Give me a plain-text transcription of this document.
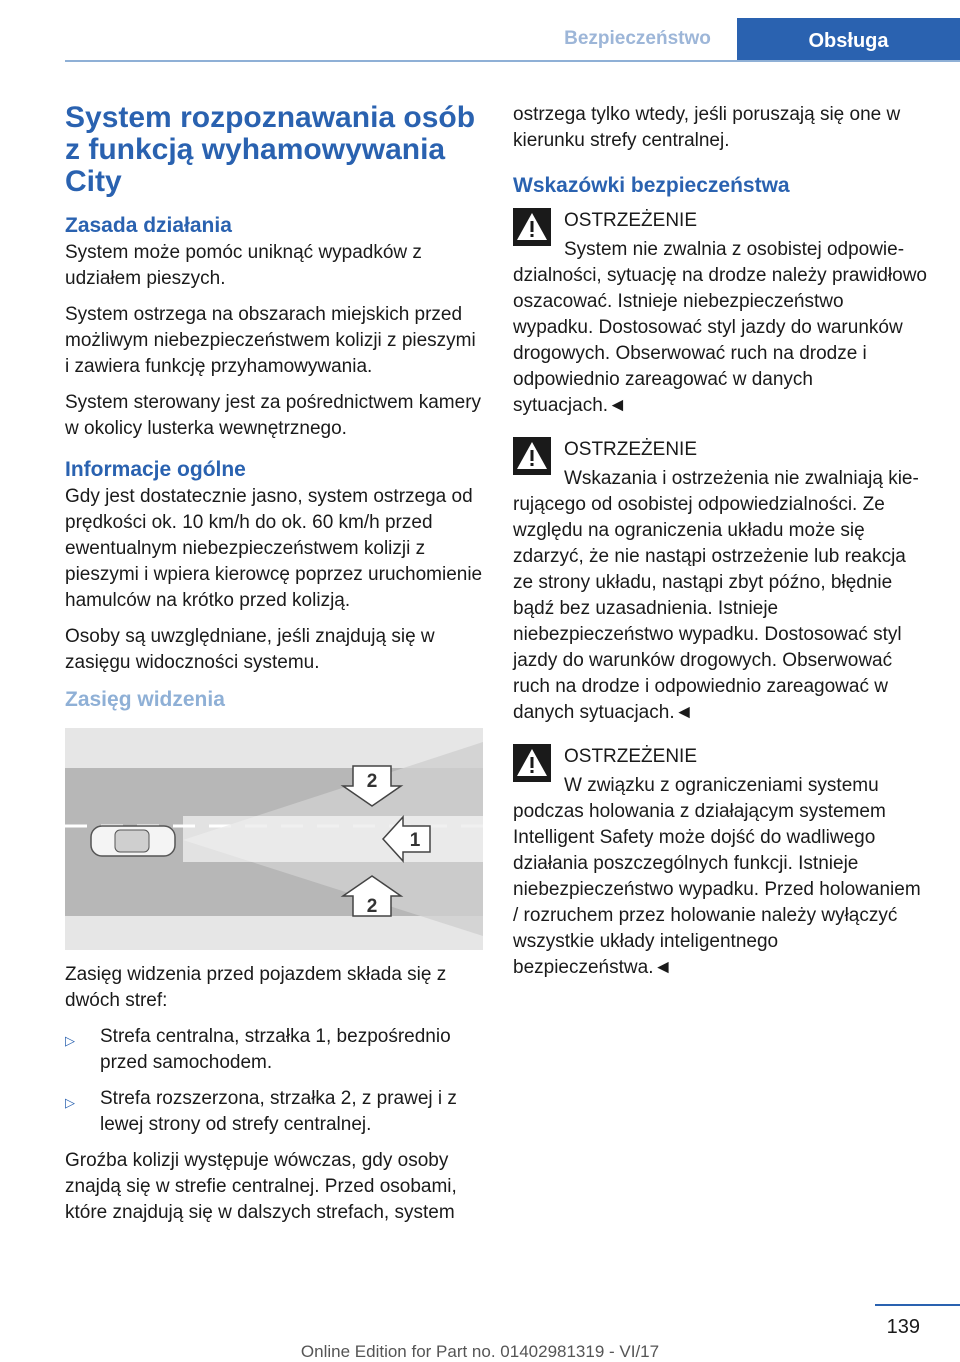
Bezpieczeństwo	Obsługa
System rozpoznawania osób z funkcją wyhamowywania City
Zasada działania

System może pomóc uniknąć wypadków z udziałem pieszych.

System ostrzega na obszarach miejskich przed możliwym niebezpieczeństwem kolizji z pieszymi i zawiera funkcję przyhamowywania.

System sterowany jest za pośrednictwem kamery w okolicy lusterka wewnętrznego.

Informacje ogólne

Gdy jest dostatecznie jasno, system ostrzega od prędkości ok. 10 km/h do ok. 60 km/h przed ewentualnym niebezpieczeństwem kolizji z pieszymi i wpiera kierowcę poprzez uruchomienie hamulców na krótko przed kolizją.

Osoby są uwzględniane, jeśli znajdują się w zasięgu widoczności systemu.

Zasięg widzenia
2
1
2

Zasięg widzenia przed pojazdem składa się z dwóch stref:

▷ Strefa centralna, strzałka 1, bezpośrednio przed samochodem.
▷ Strefa rozszerzona, strzałka 2, z prawej i z lewej strony od strefy centralnej.

Groźba kolizji występuje wówczas, gdy osoby znajdą się w strefie centralnej. Przed osobami, które znajdują się w dalszych strefach, system

ostrzega tylko wtedy, jeśli poruszają się one w kierunku strefy centralnej.

Wskazówki bezpieczeństwa
OSTRZEŻENIE
System nie zwalnia z osobistej odpowie-
dzialności, sytuację na drodze należy prawidłowo oszacować. Istnieje niebezpieczeństwo wypadku. Dostosować styl jazdy do warunków drogowych. Obserwować ruch na drodze i odpowiednio zareagować w danych sytuacjach.◄
OSTRZEŻENIE
Wskazania i ostrzeżenia nie zwalniają kie-
rującego od osobistej odpowiedzialności. Ze względu na ograniczenia układu może się zdarzyć, że nie nastąpi ostrzeżenie lub reakcja ze strony układu, nastąpi zbyt późno, błędnie bądź bez uzasadnienia. Istnieje niebezpieczeństwo wypadku. Dostosować styl jazdy do warunków drogowych. Obserwować ruch na drodze i odpowiednio zareagować w danych sytuacjach.◄
OSTRZEŻENIE
W związku z ograniczeniami systemu
podczas holowania z działającym systemem Intelligent Safety może dojść do wadliwego działania poszczególnych funkcji. Istnieje niebezpieczeństwo wypadku. Przed holowaniem / rozruchem przez holowanie należy wyłączyć wszystkie układy inteligentnego bezpieczeństwa.◄
139
Online Edition for Part no. 01402981319 - VI/17
